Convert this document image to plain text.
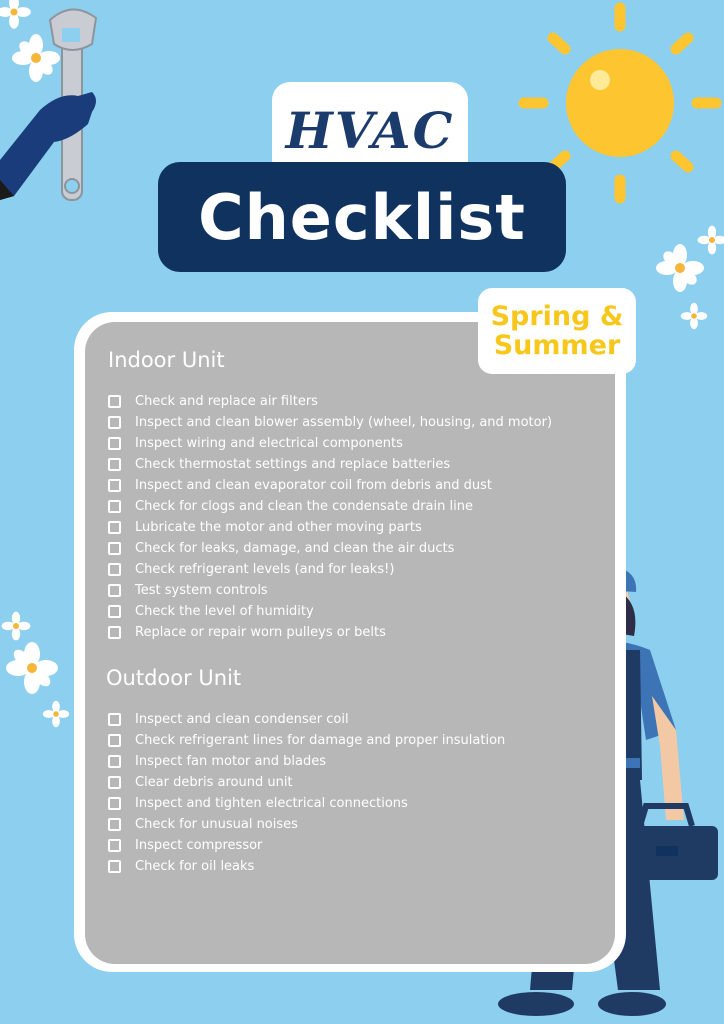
HVAC
Checklist
Spring &
Summer
Indoor Unit
Check and replace air filters
Inspect and clean blower assembly (wheel, housing, and motor)
Inspect wiring and electrical components
Check thermostat settings and replace batteries
Inspect and clean evaporator coil from debris and dust
Check for clogs and clean the condensate drain line
Lubricate the motor and other moving parts
Check for leaks, damage, and clean the air ducts
Check refrigerant levels (and for leaks!)
Test system controls
Check the level of humidity
Replace or repair worn pulleys or belts
Outdoor Unit
Inspect and clean condenser coil
Check refrigerant lines for damage and proper insulation
Inspect fan motor and blades
Clear debris around unit
Inspect and tighten electrical connections
Check for unusual noises
Inspect compressor
Check for oil leaks
